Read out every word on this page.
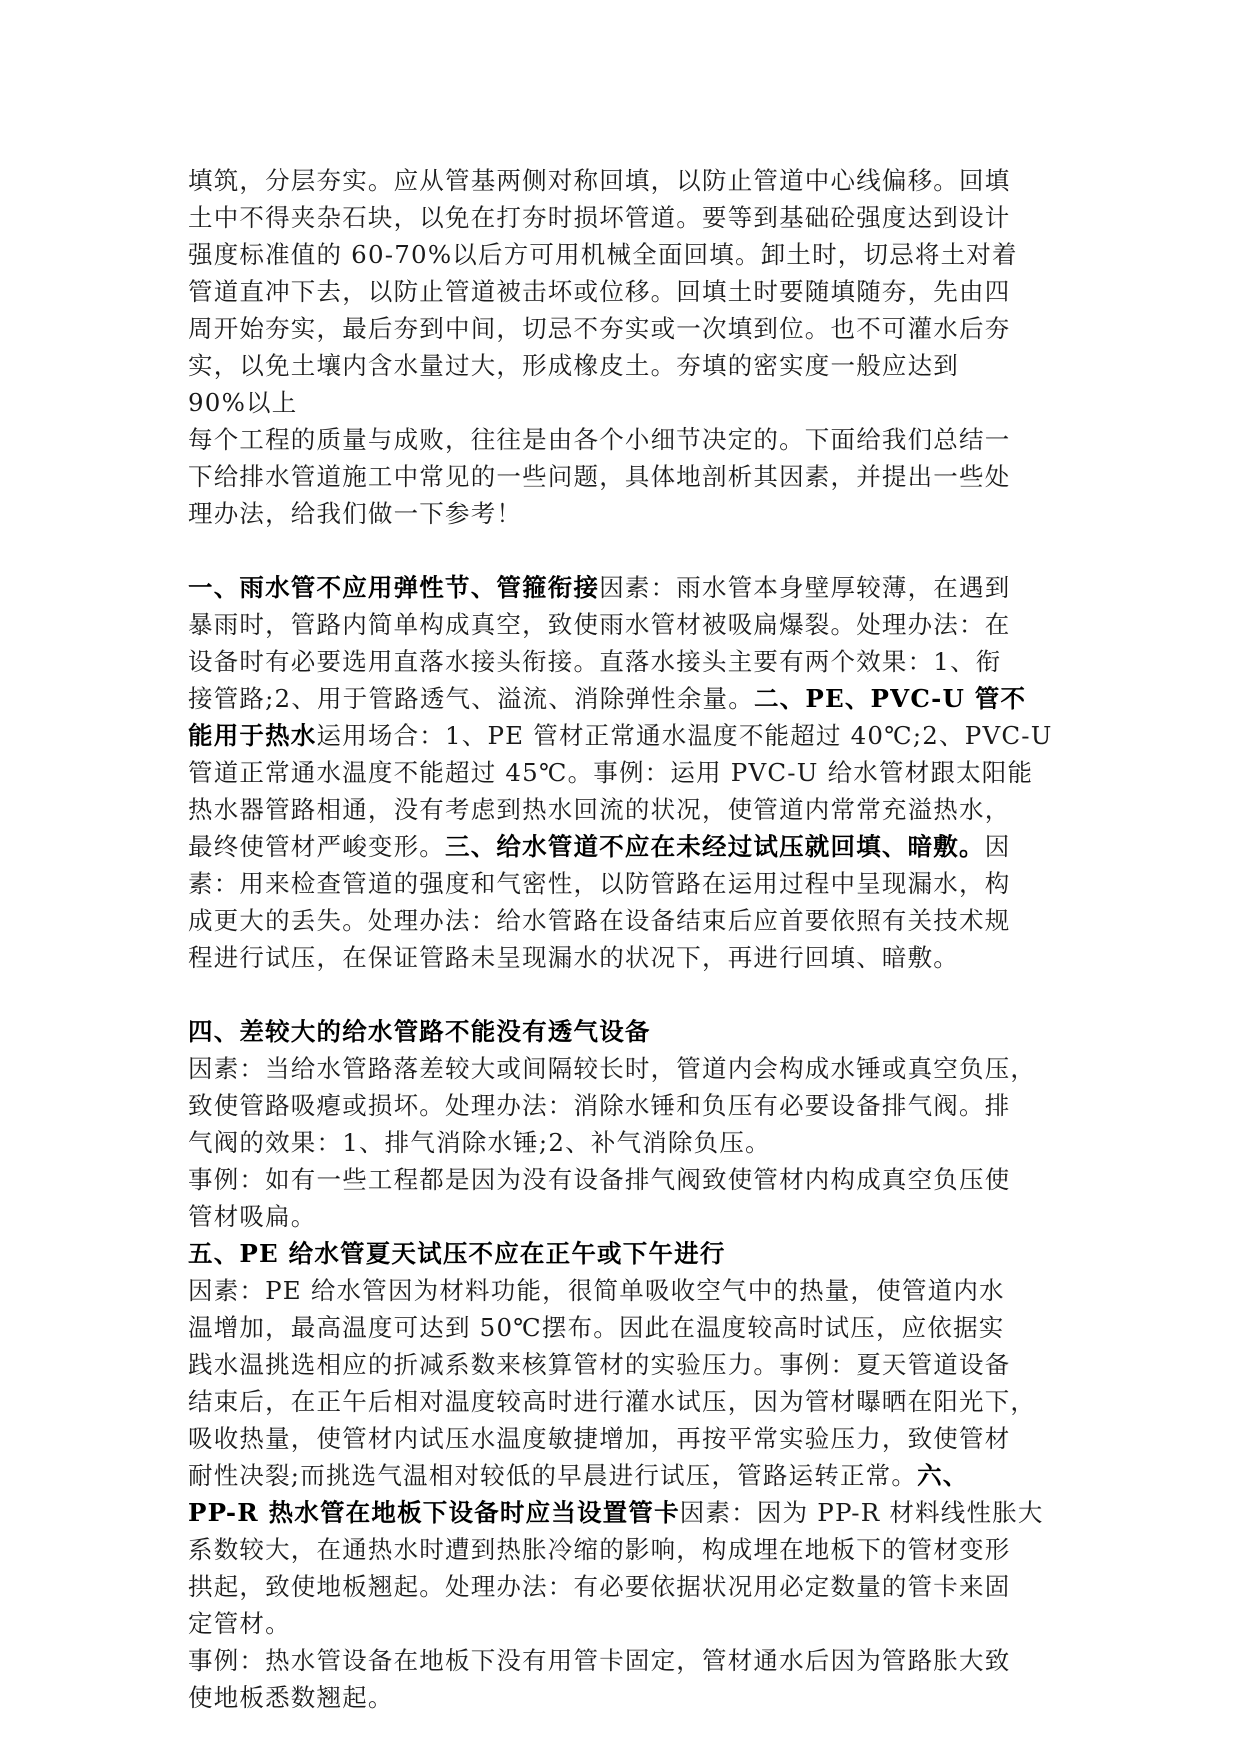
填筑，分层夯实。应从管基两侧对称回填，以防止管道中心线偏移。回填
土中不得夹杂石块，以免在打夯时损坏管道。要等到基础砼强度达到设计
强度标准值的 60-70%以后方可用机械全面回填。卸土时，切忌将土对着
管道直冲下去，以防止管道被击坏或位移。回填土时要随填随夯，先由四
周开始夯实，最后夯到中间，切忌不夯实或一次填到位。也不可灌水后夯
实，以免土壤内含水量过大，形成橡皮土。夯填的密实度一般应达到
90%以上
每个工程的质量与成败，往往是由各个小细节决定的。下面给我们总结一
下给排水管道施工中常见的一些问题，具体地剖析其因素，并提出一些处
理办法，给我们做一下参考！
一、雨水管不应用弹性节、管箍衔接因素：雨水管本身壁厚较薄，在遇到
暴雨时，管路内简单构成真空，致使雨水管材被吸扁爆裂。处理办法：在
设备时有必要选用直落水接头衔接。直落水接头主要有两个效果：1、衔
接管路;2、用于管路透气、溢流、消除弹性余量。二、PE、PVC-U 管不
能用于热水运用场合：1、PE 管材正常通水温度不能超过 40℃;2、PVC-U
管道正常通水温度不能超过 45℃。事例：运用 PVC-U 给水管材跟太阳能
热水器管路相通，没有考虑到热水回流的状况，使管道内常常充溢热水，
最终使管材严峻变形。三、给水管道不应在未经过试压就回填、暗敷。因
素：用来检查管道的强度和气密性，以防管路在运用过程中呈现漏水，构
成更大的丢失。处理办法：给水管路在设备结束后应首要依照有关技术规
程进行试压，在保证管路未呈现漏水的状况下，再进行回填、暗敷。
四、差较大的给水管路不能没有透气设备
因素：当给水管路落差较大或间隔较长时，管道内会构成水锤或真空负压，
致使管路吸瘪或损坏。处理办法：消除水锤和负压有必要设备排气阀。排
气阀的效果：1、排气消除水锤;2、补气消除负压。
事例：如有一些工程都是因为没有设备排气阀致使管材内构成真空负压使
管材吸扁。
五、PE 给水管夏天试压不应在正午或下午进行
因素：PE 给水管因为材料功能，很简单吸收空气中的热量，使管道内水
温增加，最高温度可达到 50℃摆布。因此在温度较高时试压，应依据实
践水温挑选相应的折减系数来核算管材的实验压力。事例：夏天管道设备
结束后，在正午后相对温度较高时进行灌水试压，因为管材曝晒在阳光下，
吸收热量，使管材内试压水温度敏捷增加，再按平常实验压力，致使管材
耐性决裂;而挑选气温相对较低的早晨进行试压，管路运转正常。六、
PP-R 热水管在地板下设备时应当设置管卡因素：因为 PP-R 材料线性胀大
系数较大，在通热水时遭到热胀冷缩的影响，构成埋在地板下的管材变形
拱起，致使地板翘起。处理办法：有必要依据状况用必定数量的管卡来固
定管材。
事例：热水管设备在地板下没有用管卡固定，管材通水后因为管路胀大致
使地板悉数翘起。
